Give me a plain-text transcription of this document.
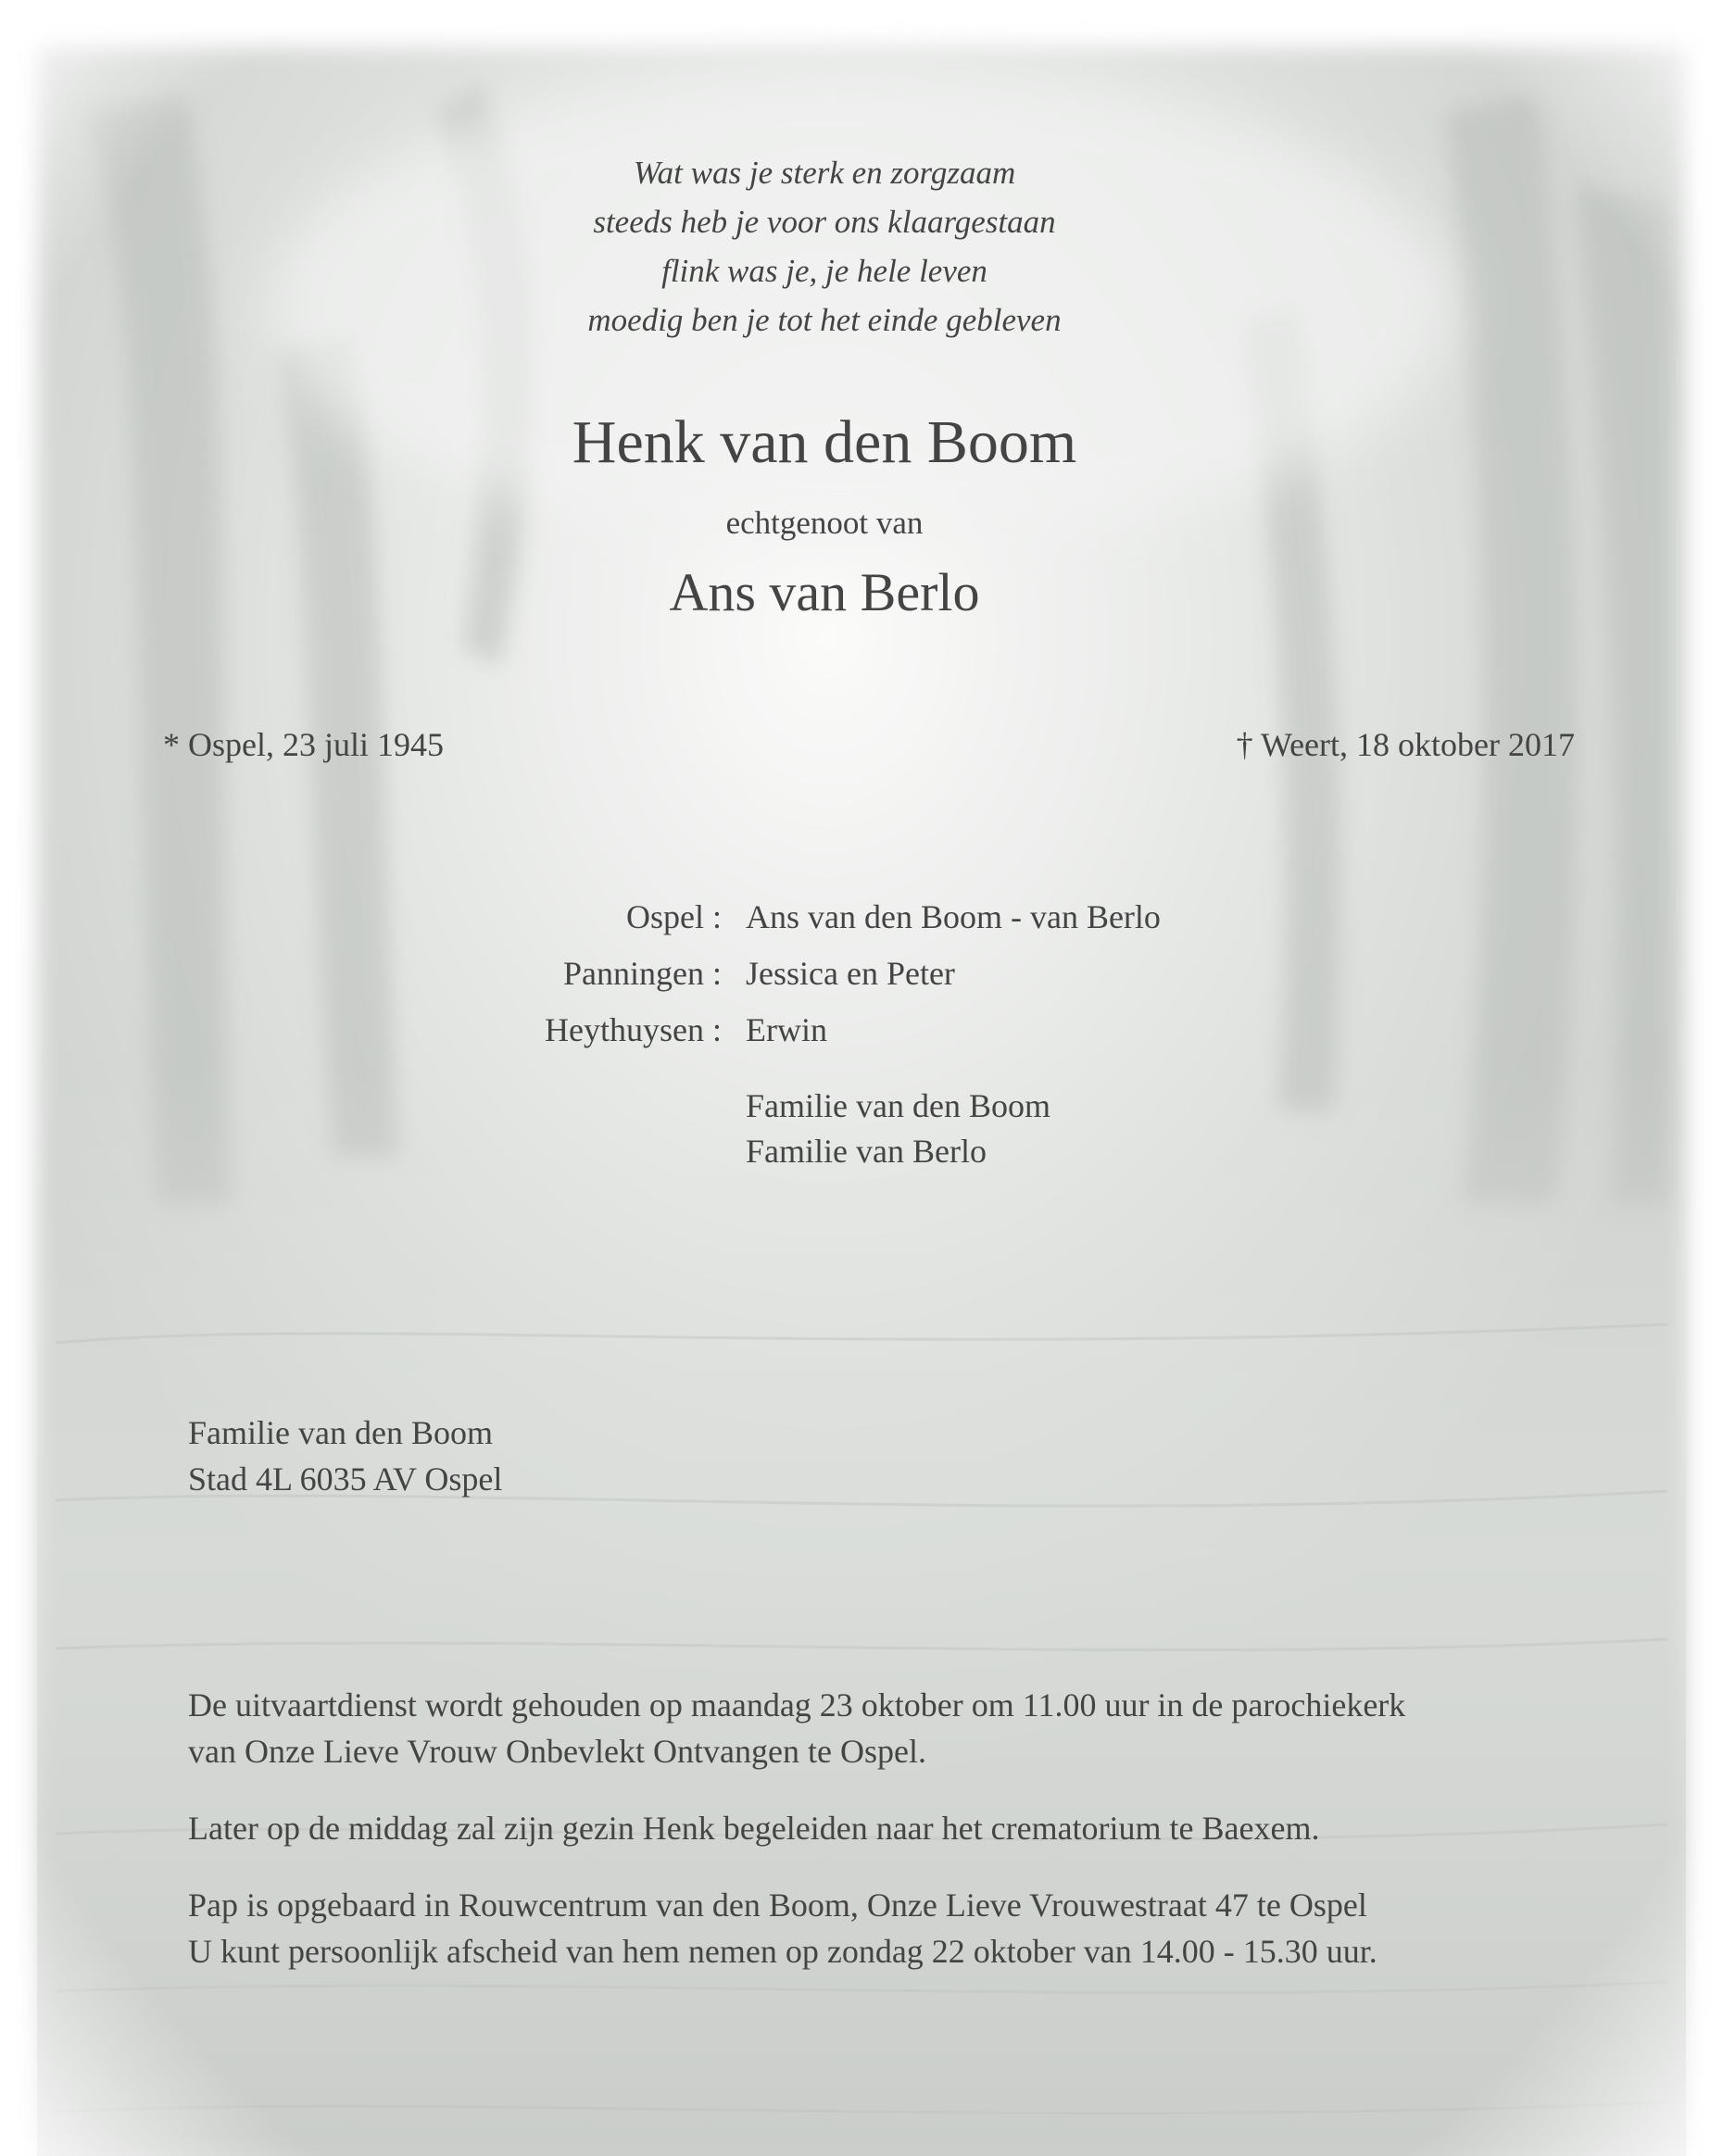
Wat was je sterk en zorgzaam
steeds heb je voor ons klaargestaan
flink was je, je hele leven
moedig ben je tot het einde gebleven
Henk van den Boom
echtgenoot van
Ans van Berlo
* Ospel, 23 juli 1945	† Weert, 18 oktober 2017
Ospel : Ans van den Boom - van Berlo
Panningen : Jessica en Peter
Heythuysen : Erwin
Familie van den Boom
Familie van Berlo
Familie van den Boom
Stad 4L 6035 AV Ospel

De uitvaartdienst wordt gehouden op maandag 23 oktober om 11.00 uur in de parochiekerk
van Onze Lieve Vrouw Onbevlekt Ontvangen te Ospel.

Later op de middag zal zijn gezin Henk begeleiden naar het crematorium te Baexem.

Pap is opgebaard in Rouwcentrum van den Boom, Onze Lieve Vrouwestraat 47 te Ospel
U kunt persoonlijk afscheid van hem nemen op zondag 22 oktober van 14.00 - 15.30 uur.
